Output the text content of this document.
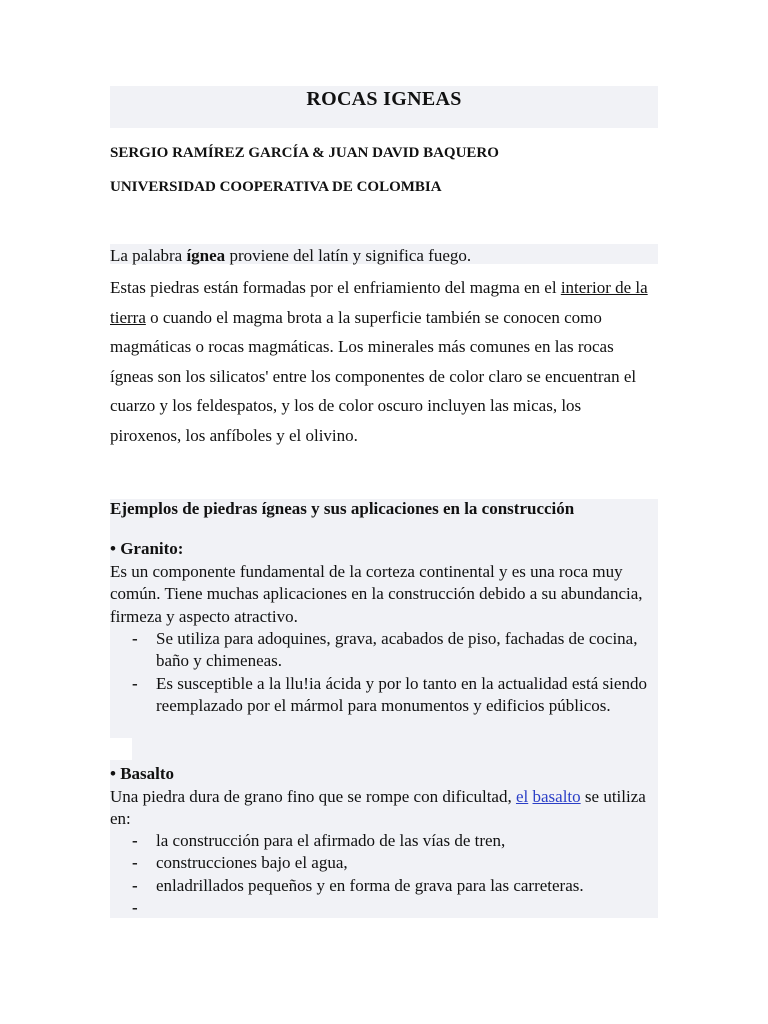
ROCAS IGNEAS
SERGIO RAMÍREZ GARCÍA & JUAN DAVID BAQUERO
UNIVERSIDAD COOPERATIVA DE COLOMBIA
La palabra ígnea proviene del latín y significa fuego.
Estas piedras están formadas por el enfriamiento del magma en el interior de la tierra o cuando el magma brota a la superficie también se conocen como magmáticas o rocas magmáticas. Los minerales más comunes en las rocas ígneas son los silicatos' entre los componentes de color claro se encuentran el cuarzo y los feldespatos, y los de color oscuro incluyen las micas, los piroxenos, los anfíboles y el olivino.
Ejemplos de piedras ígneas y sus aplicaciones en la construcción
• Granito:
Es un componente fundamental de la corteza continental y es una roca muy común. Tiene muchas aplicaciones en la construcción debido a su abundancia, firmeza y aspecto atractivo.
- Se utiliza para adoquines, grava, acabados de piso, fachadas de cocina, baño y chimeneas.
- Es susceptible a la llu!ia ácida y por lo tanto en la actualidad está siendo reemplazado por el mármol para monumentos y edificios públicos.
• Basalto
Una piedra dura de grano fino que se rompe con dificultad, el basalto se utiliza en:
- la construcción para el afirmado de las vías de tren,
- construcciones bajo el agua,
- enladrillados pequeños y en forma de grava para las carreteras.
-
